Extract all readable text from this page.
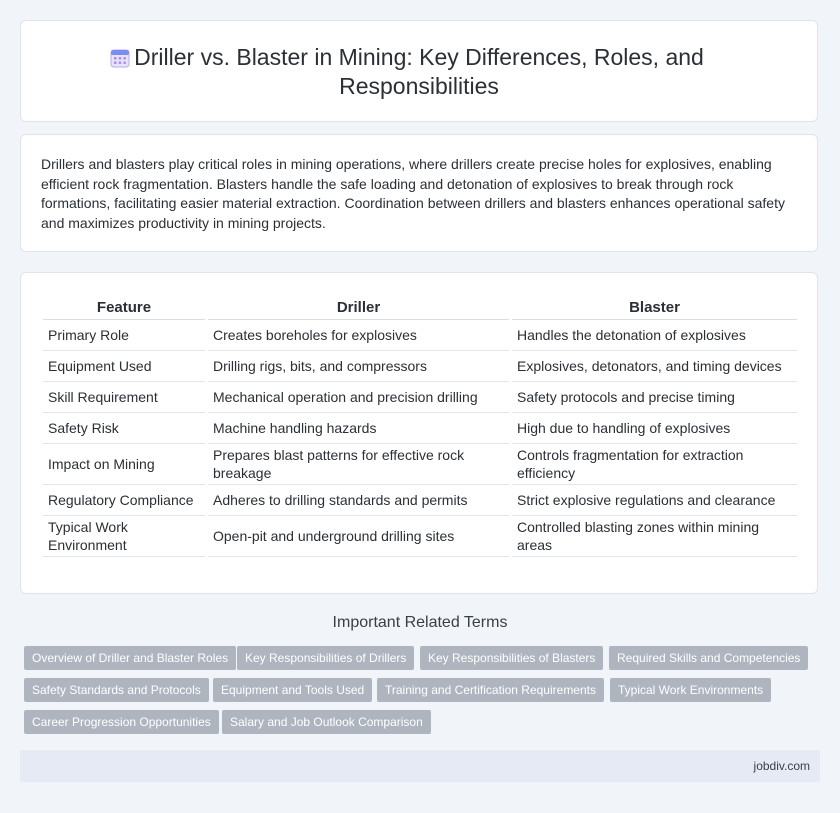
Driller vs. Blaster in Mining: Key Differences, Roles, and
Responsibilities

Drillers and blasters play critical roles in mining operations, where drillers create precise holes for explosives, enabling efficient rock fragmentation. Blasters handle the safe loading and detonation of explosives to break through rock formations, facilitating easier material extraction. Coordination between drillers and blasters enhances operational safety and maximizes productivity in mining projects.

Feature		Driller		Blaster
Primary Role		Creates boreholes for explosives		Handles the detonation of explosives
Equipment Used		Drilling rigs, bits, and compressors		Explosives, detonators, and timing devices
Skill Requirement		Mechanical operation and precision drilling		Safety protocols and precise timing
Safety Risk		Machine handling hazards		High due to handling of explosives
Impact on Mining		Prepares blast patterns for effective rock breakage		Controls fragmentation for extraction efficiency
Regulatory Compliance		Adheres to drilling standards and permits		Strict explosive regulations and clearance
Typical Work Environment		Open-pit and underground drilling sites		Controlled blasting zones within mining areas
Important Related Terms
Overview of Driller and Blaster Roles	Key Responsibilities of Drillers	Key Responsibilities of Blasters	Required Skills and Competencies
Safety Standards and Protocols	Equipment and Tools Used	Training and Certification Requirements	Typical Work Environments
Career Progression Opportunities	Salary and Job Outlook Comparison
jobdiv.com
